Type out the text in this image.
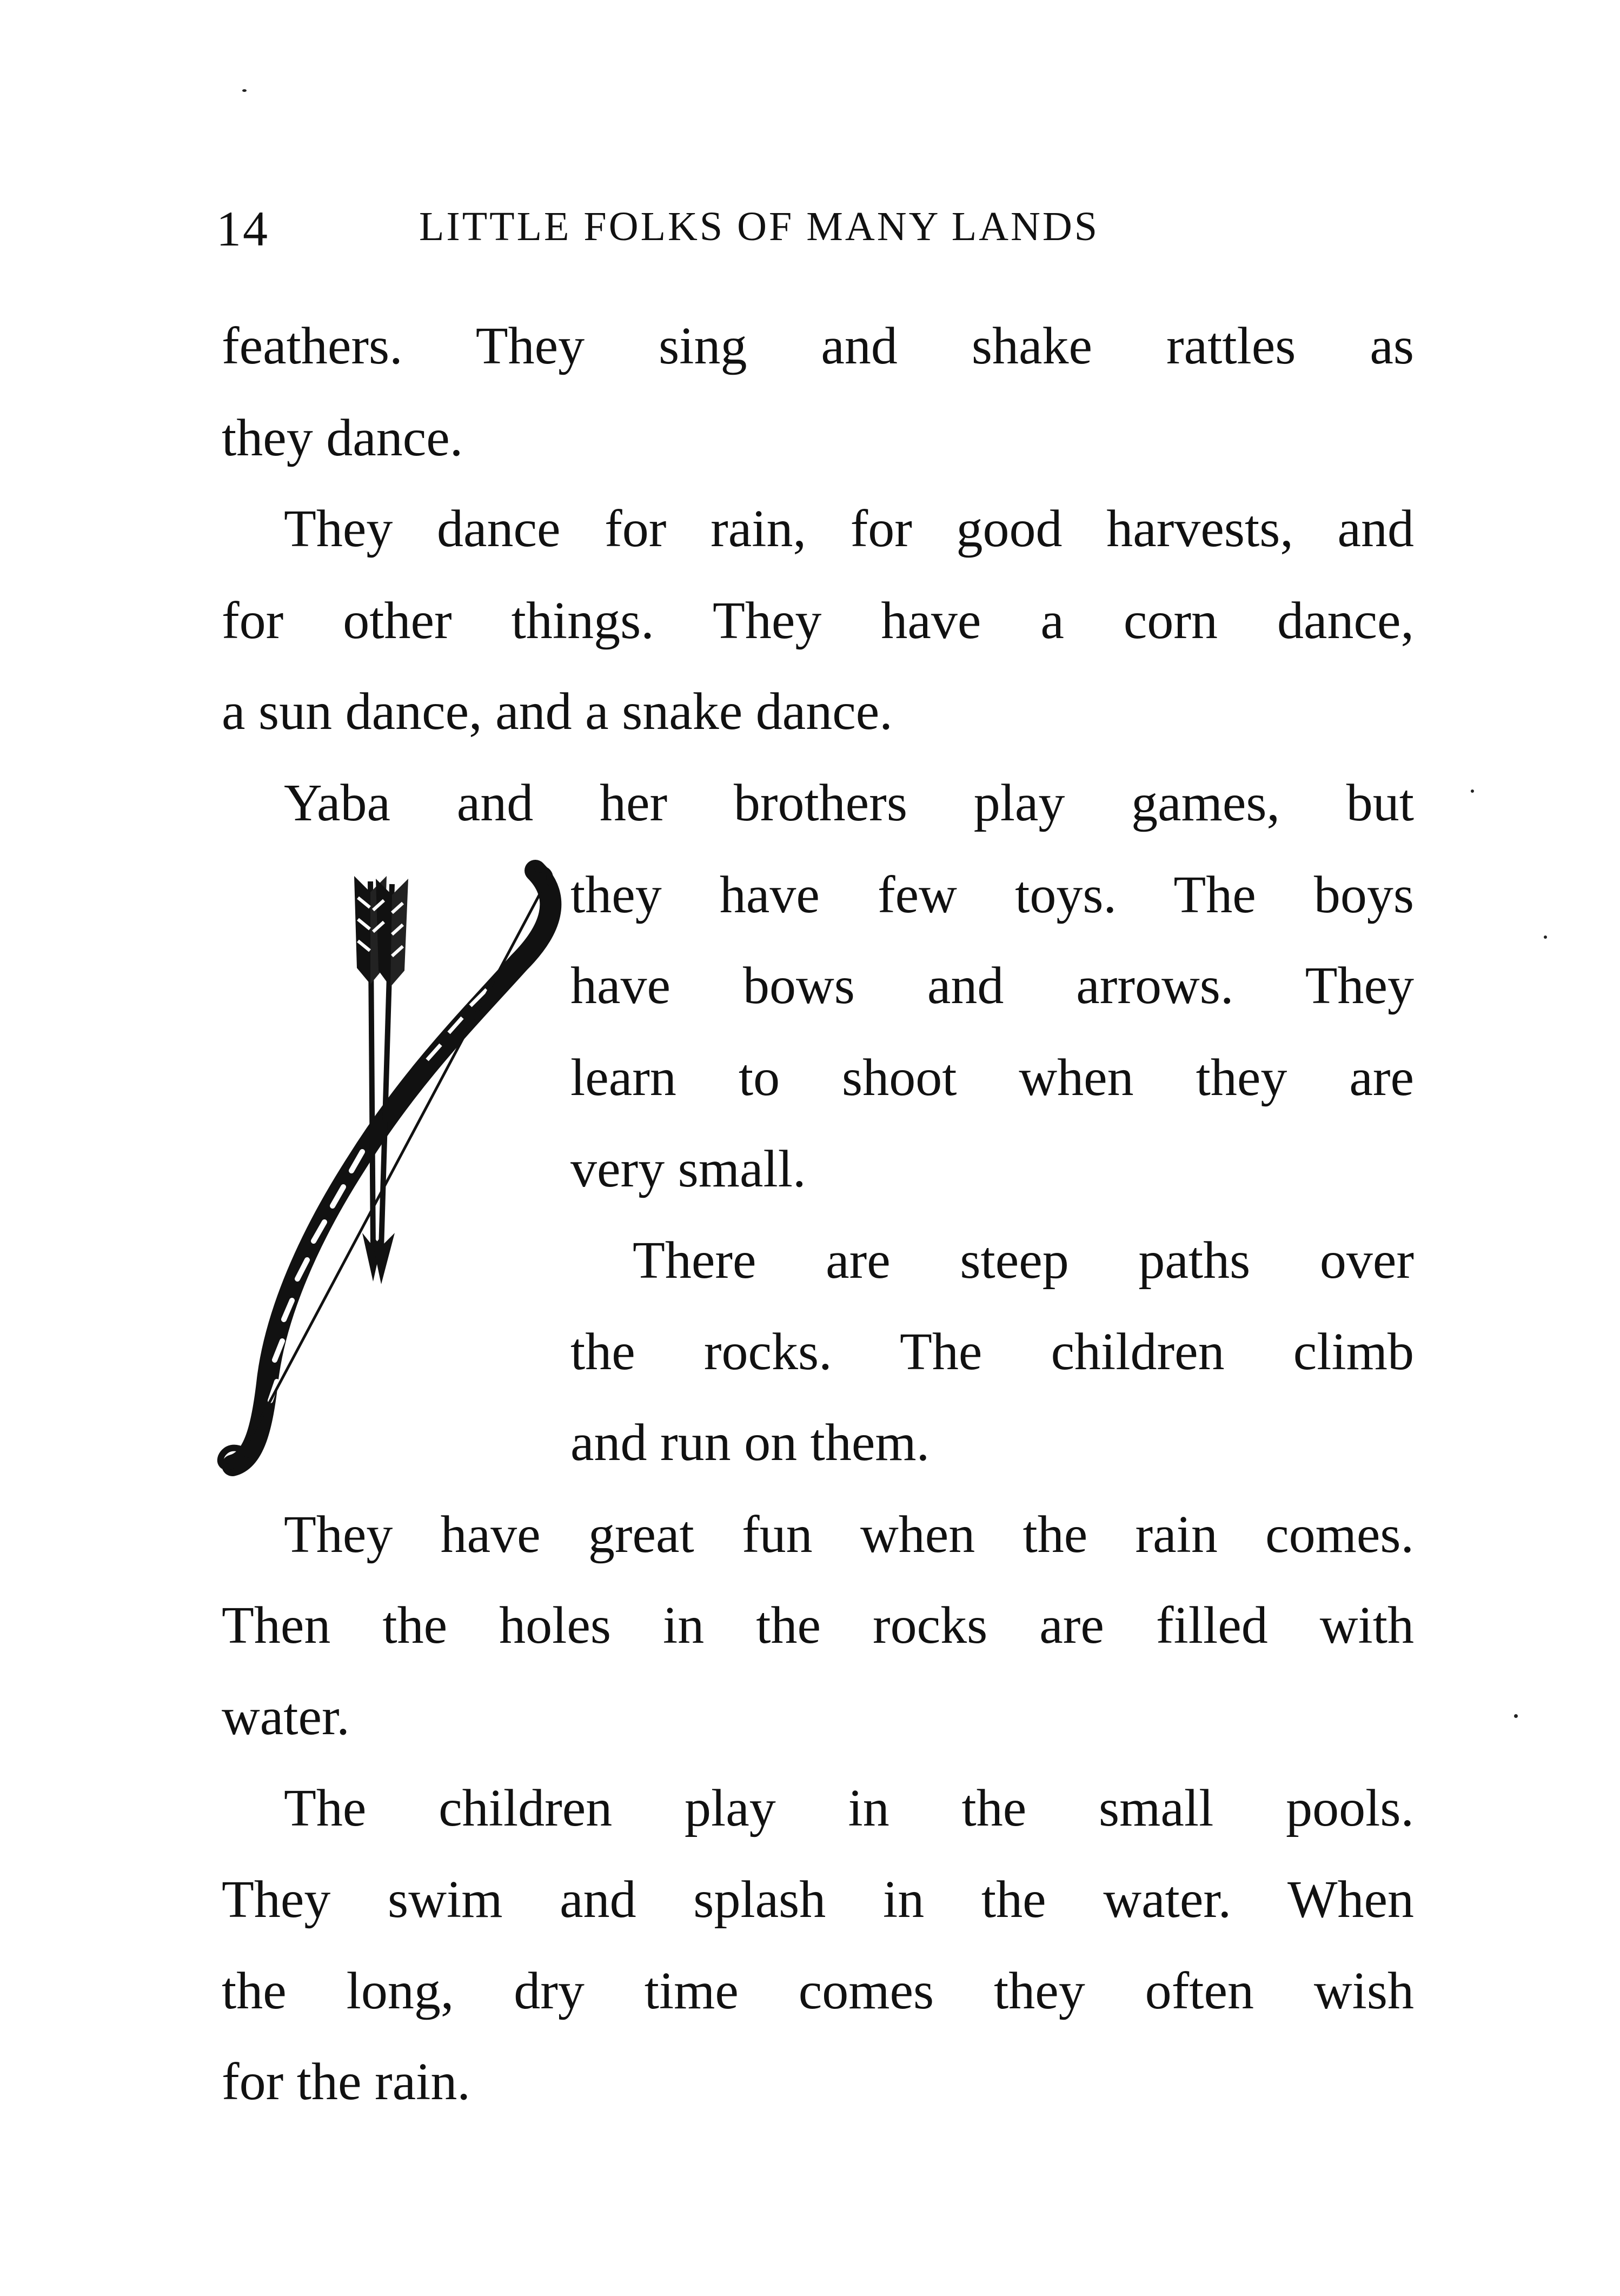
14	LITTLE FOLKS OF MANY LANDS
feathers. They sing and shake rattles as
they dance.
They dance for rain, for good harvests, and
for other things. They have a corn dance,
a sun dance, and a snake dance.
Yaba and her brothers play games, but
they have few toys. The boys
have bows and arrows. They
learn to shoot when they are
very small.
There are steep paths over
the rocks. The children climb
and run on them.
They have great fun when the rain comes.
Then the holes in the rocks are filled with
water.
The children play in the small pools.
They swim and splash in the water. When
the long, dry time comes they often wish
for the rain.
